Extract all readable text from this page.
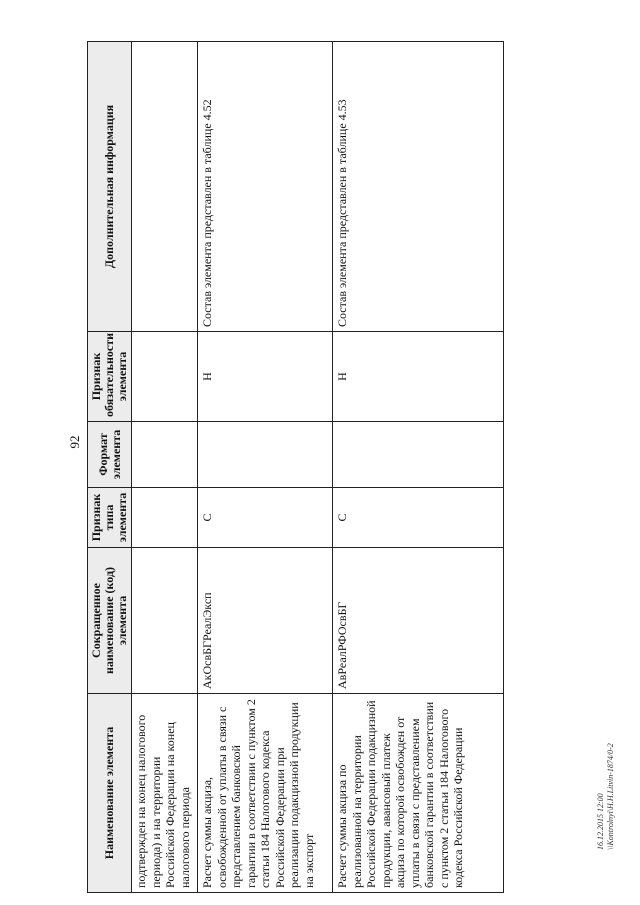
92
Наименование элемента	Сокращенное наименование (код) элемента	Признак типа элемента	Формат элемента	Признак обязательности элемента	Дополнительная информация
подтвержден на конец налогового периода) и на территории Российской Федерации на конец налогового периода					
Расчет суммы акциза, освобожденной от уплаты в связи с представлением банковской гарантии в соответствии с пунктом 2 статьи 184 Налогового кодекса Российской Федерации при реализации подакцизной продукции на экспорт	АкОсвБГРеалЭксп	С		Н	Состав элемента представлен в таблице 4.52
Расчет суммы акциза по реализованной на территории Российской Федерации подакцизной продукции, авансовый платеж акциза по которой освобожден от уплаты в связи с представлением банковской гарантии в соответствии с пунктом 2 статьи 184 Налогового кодекса Российской Федерации	АвРеалРФОсвБГ	С		Н	Состав элемента представлен в таблице 4.53
16.12.2015 12:00 \\Kontrolnyi\H.H.Litvin-1874/0-2
